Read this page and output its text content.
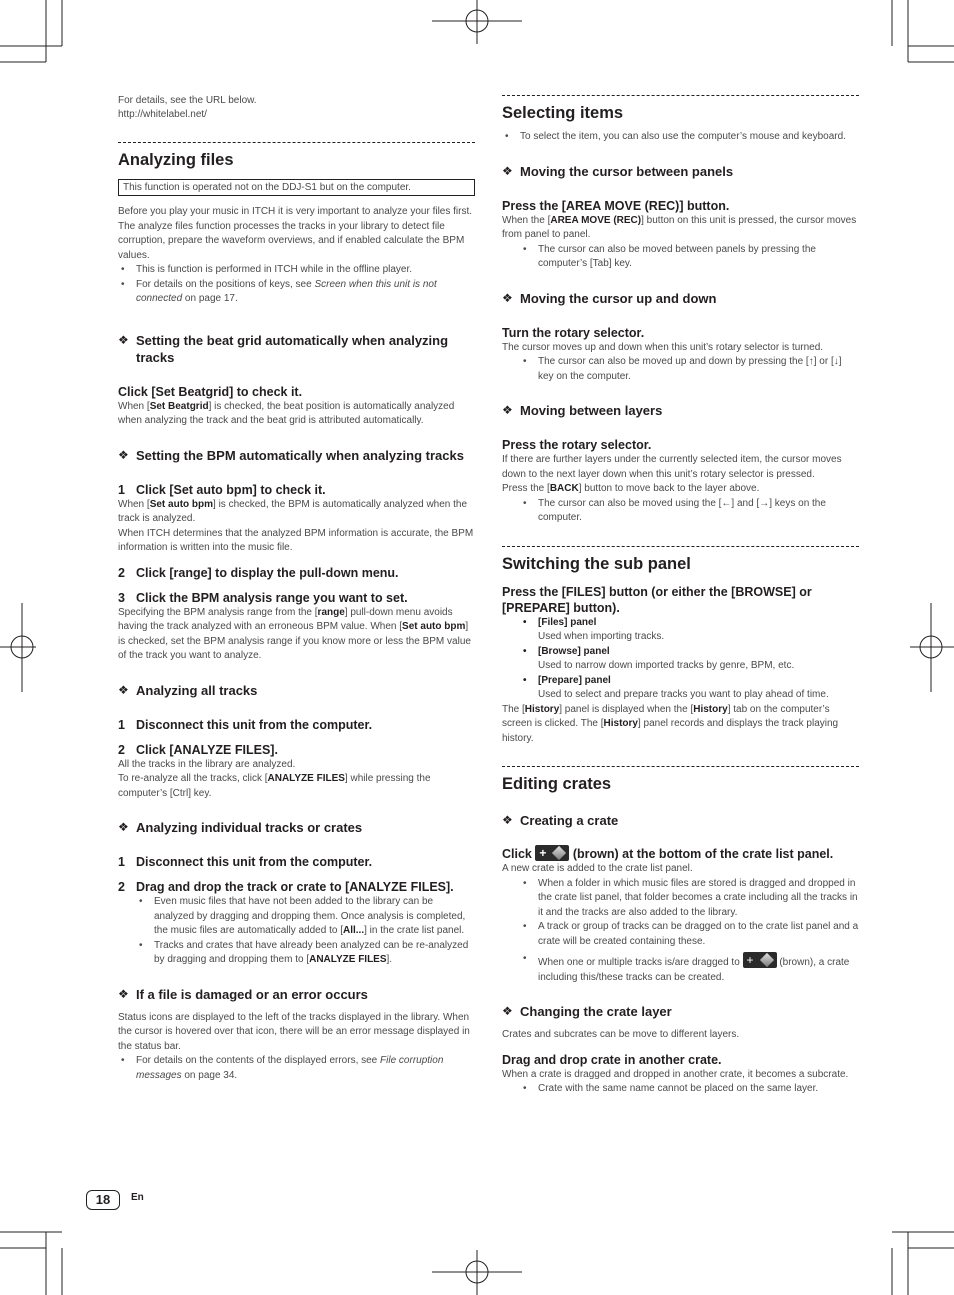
For details, see the URL below.
http://whitelabel.net/
Analyzing files
This function is operated not on the DDJ-S1 but on the computer.

Before you play your music in ITCH it is very important to analyze your files first. The analyze files function processes the tracks in your library to detect file corruption, prepare the waveform overviews, and if enabled calculate the BPM values.

• This is function is performed in ITCH while in the offline player.
• For details on the positions of keys, see Screen when this unit is not connected on page 17.
❖ Setting the beat grid automatically when analyzing tracks
Click [Set Beatgrid] to check it.

When [Set Beatgrid] is checked, the beat position is automatically analyzed when analyzing the track and the beat grid is attributed automatically.

❖ Setting the BPM automatically when analyzing tracks
1 Click [Set auto bpm] to check it.

When [Set auto bpm] is checked, the BPM is automatically analyzed when the track is analyzed.

When ITCH determines that the analyzed BPM information is accurate, the BPM information is written into the music file.

2 Click [range] to display the pull-down menu.
3 Click the BPM analysis range you want to set.

Specifying the BPM analysis range from the [range] pull-down menu avoids having the track analyzed with an erroneous BPM value. When [Set auto bpm] is checked, set the BPM analysis range if you know more or less the BPM value of the track you want to analyze.

❖ Analyzing all tracks
1 Disconnect this unit from the computer.
2 Click [ANALYZE FILES].

All the tracks in the library are analyzed.

To re-analyze all the tracks, click [ANALYZE FILES] while pressing the computer’s [Ctrl] key.

❖ Analyzing individual tracks or crates
1 Disconnect this unit from the computer.
2 Drag and drop the track or crate to [ANALYZE FILES].
• Even music files that have not been added to the library can be analyzed by dragging and dropping them. Once analysis is completed, the music files are automatically added to [All...] in the crate list panel.
• Tracks and crates that have already been analyzed can be re-analyzed by dragging and dropping them to [ANALYZE FILES].
❖ If a file is damaged or an error occurs

Status icons are displayed to the left of the tracks displayed in the library. When the cursor is hovered over that icon, there will be an error message displayed in the status bar.

• For details on the contents of the displayed errors, see File corruption messages on page 34.
Selecting items
• To select the item, you can also use the computer’s mouse and keyboard.
❖ Moving the cursor between panels
Press the [AREA MOVE (REC)] button.

When the [AREA MOVE (REC)] button on this unit is pressed, the cursor moves from panel to panel.

• The cursor can also be moved between panels by pressing the computer’s [Tab] key.
❖ Moving the cursor up and down
Turn the rotary selector.

The cursor moves up and down when this unit’s rotary selector is turned.

• The cursor can also be moved up and down by pressing the [↑] or [↓] key on the computer.
❖ Moving between layers
Press the rotary selector.

If there are further layers under the currently selected item, the cursor moves down to the next layer down when this unit’s rotary selector is pressed.

Press the [BACK] button to move back to the layer above.

• The cursor can also be moved using the [←] and [→] keys on the computer.
Switching the sub panel
Press the [FILES] button (or either the [BROWSE] or [PREPARE] button).
• [Files] panel
Used when importing tracks.
• [Browse] panel
Used to narrow down imported tracks by genre, BPM, etc.
• [Prepare] panel
Used to select and prepare tracks you want to play ahead of time.

The [History] panel is displayed when the [History] tab on the computer’s screen is clicked. The [History] panel records and displays the track playing history.

Editing crates
❖ Creating a crate
Click + (brown) at the bottom of the crate list panel.

A new crate is added to the crate list panel.

• When a folder in which music files are stored is dragged and dropped in the crate list panel, that folder becomes a crate including all the tracks in it and the tracks are also added to the library.
• A track or group of tracks can be dragged on to the crate list panel and a crate will be created containing these.
• When one or multiple tracks is/are dragged to + (brown), a crate including this/these tracks can be created.
❖ Changing the crate layer

Crates and subcrates can be move to different layers.

Drag and drop crate in another crate.

When a crate is dragged and dropped in another crate, it becomes a subcrate.

• Crate with the same name cannot be placed on the same layer.
18	En
